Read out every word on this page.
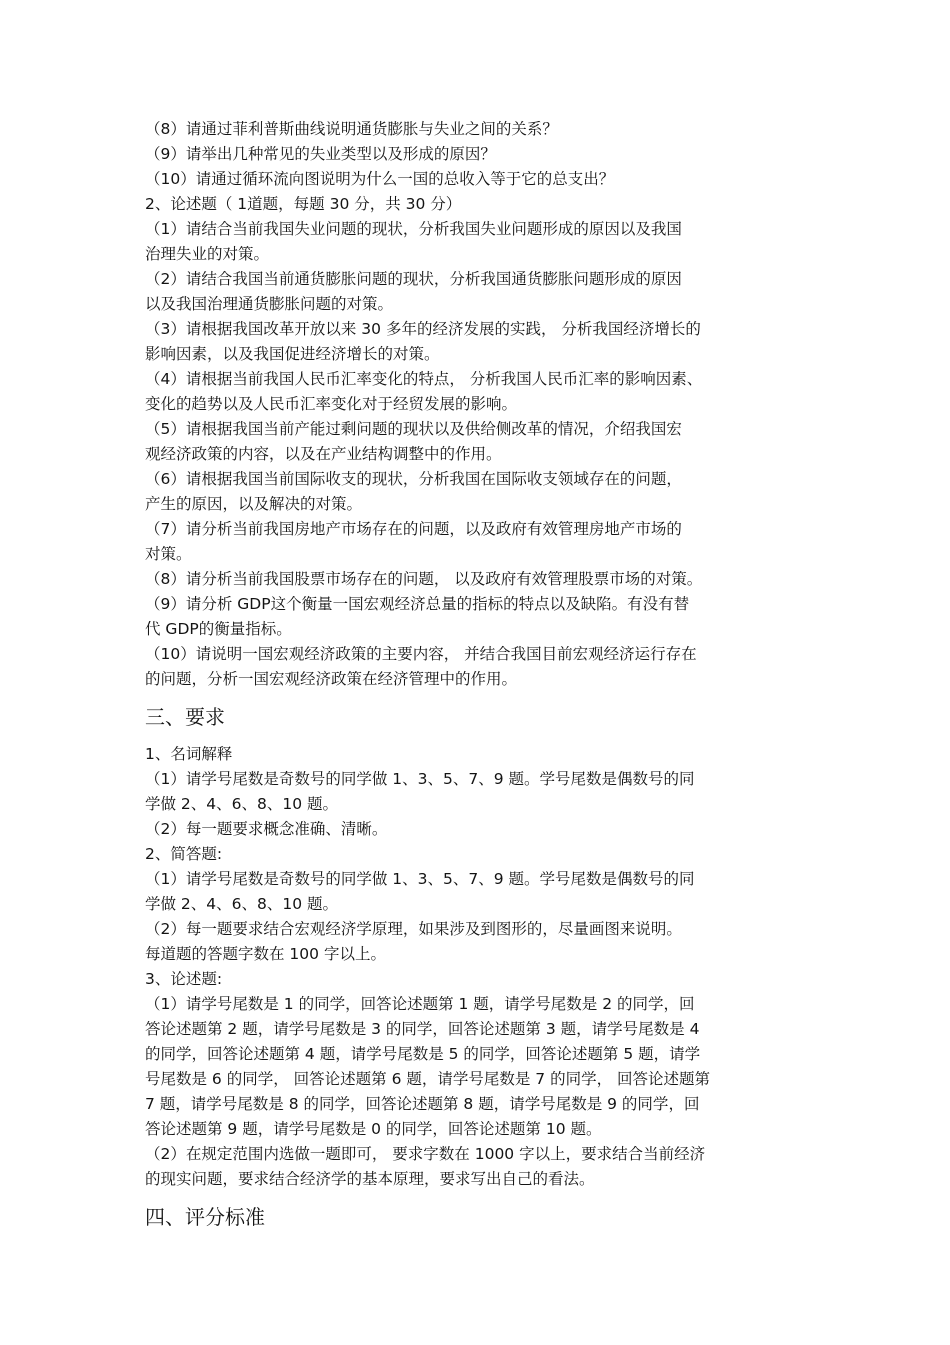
（8）请通过菲利普斯曲线说明通货膨胀与失业之间的关系？
（9）请举出几种常见的失业类型以及形成的原因？
（10）请通过循环流向图说明为什么一国的总收入等于它的总支出？
2、论述题（ 1道题，每题 30 分，共 30 分）
（1）请结合当前我国失业问题的现状，分析我国失业问题形成的原因以及我国
治理失业的对策。
（2）请结合我国当前通货膨胀问题的现状，分析我国通货膨胀问题形成的原因
以及我国治理通货膨胀问题的对策。
（3）请根据我国改革开放以来 30 多年的经济发展的实践， 分析我国经济增长的
影响因素，以及我国促进经济增长的对策。
（4）请根据当前我国人民币汇率变化的特点， 分析我国人民币汇率的影响因素、
变化的趋势以及人民币汇率变化对于经贸发展的影响。
（5）请根据我国当前产能过剩问题的现状以及供给侧改革的情况，介绍我国宏
观经济政策的内容，以及在产业结构调整中的作用。
（6）请根据我国当前国际收支的现状，分析我国在国际收支领域存在的问题，
产生的原因，以及解决的对策。
（7）请分析当前我国房地产市场存在的问题，以及政府有效管理房地产市场的
对策。
（8）请分析当前我国股票市场存在的问题， 以及政府有效管理股票市场的对策。
（9）请分析 GDP这个衡量一国宏观经济总量的指标的特点以及缺陷。有没有替
代 GDP的衡量指标。
（10）请说明一国宏观经济政策的主要内容， 并结合我国目前宏观经济运行存在
的问题，分析一国宏观经济政策在经济管理中的作用。
三、要求
1、名词解释
（1）请学号尾数是奇数号的同学做 1、3、5、7、9 题。学号尾数是偶数号的同
学做 2、4、6、8、10 题。
（2）每一题要求概念准确、清晰。
2、简答题:
（1）请学号尾数是奇数号的同学做 1、3、5、7、9 题。学号尾数是偶数号的同
学做 2、4、6、8、10 题。
（2）每一题要求结合宏观经济学原理，如果涉及到图形的，尽量画图来说明。
每道题的答题字数在 100 字以上。
3、论述题:
（1）请学号尾数是 1 的同学，回答论述题第 1 题，请学号尾数是 2 的同学，回
答论述题第 2 题，请学号尾数是 3 的同学，回答论述题第 3 题，请学号尾数是 4
的同学，回答论述题第 4 题，请学号尾数是 5 的同学，回答论述题第 5 题，请学
号尾数是 6 的同学， 回答论述题第 6 题，请学号尾数是 7 的同学， 回答论述题第
7 题，请学号尾数是 8 的同学，回答论述题第 8 题，请学号尾数是 9 的同学，回
答论述题第 9 题，请学号尾数是 0 的同学，回答论述题第 10 题。
（2）在规定范围内选做一题即可， 要求字数在 1000 字以上，要求结合当前经济
的现实问题，要求结合经济学的基本原理，要求写出自己的看法。
四、评分标准
